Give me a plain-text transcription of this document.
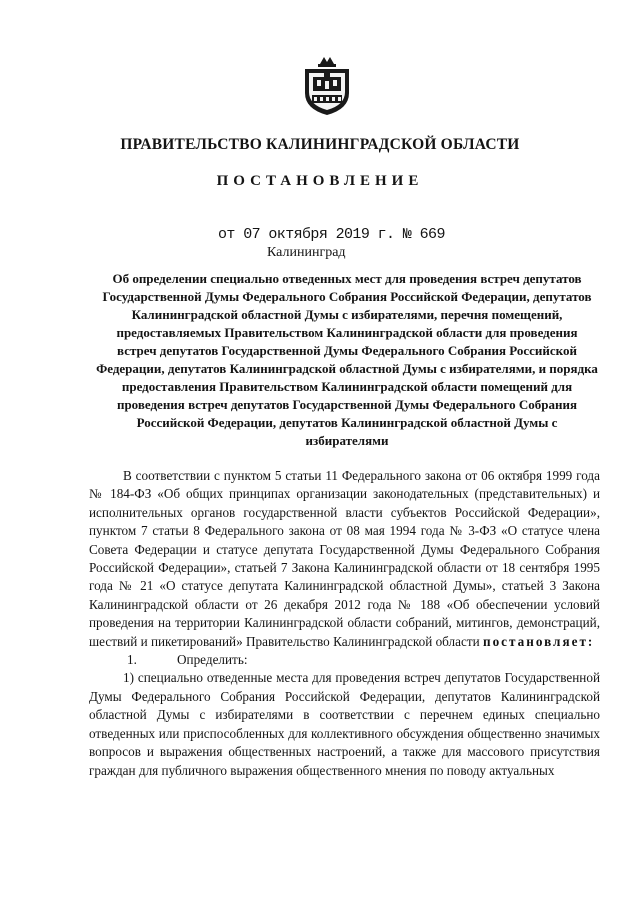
ПРАВИТЕЛЬСТВО КАЛИНИНГРАДСКОЙ ОБЛАСТИ
ПОСТАНОВЛЕНИЕ
от 07 октября 2019 г. № 669
Калининград
Об определении специально отведенных мест для проведения встреч депутатов Государственной Думы Федерального Собрания Российской Федерации, депутатов Калининградской областной Думы с избирателями, перечня помещений, предоставляемых Правительством Калининградской области для проведения встреч депутатов Государственной Думы Федерального Собрания Российской Федерации, депутатов Калининградской областной Думы с избирателями, и порядка предоставления Правительством Калининградской области помещений для проведения встреч депутатов Государственной Думы Федерального Собрания Российской Федерации, депутатов Калининградской областной Думы с избирателями

В соответствии с пунктом 5 статьи 11 Федерального закона от 06 октября 1999 года № 184-ФЗ «Об общих принципах организации законодательных (представительных) и исполнительных органов государственной власти субъектов Российской Федерации», пунктом 7 статьи 8 Федерального закона от 08 мая 1994 года № 3-ФЗ «О статусе члена Совета Федерации и статусе депутата Государственной Думы Федерального Собрания Российской Федерации», статьей 7 Закона Калининградской области от 18 сентября 1995 года № 21 «О статусе депутата Калининградской областной Думы», статьей 3 Закона Калининградской области от 26 декабря 2012 года № 188 «Об обеспечении условий проведения на территории Калининградской области собраний, митингов, демонстраций, шествий и пикетирований» Правительство Калининградской области постановляет:

1.	Определить:

1) специально отведенные места для проведения встреч депутатов Государственной Думы Федерального Собрания Российской Федерации, депутатов Калининградской областной Думы с избирателями в соответствии с перечнем единых специально отведенных или приспособленных для коллективного обсуждения общественно значимых вопросов и выражения общественных настроений, а также для массового присутствия граждан для публичного выражения общественного мнения по поводу актуальных
